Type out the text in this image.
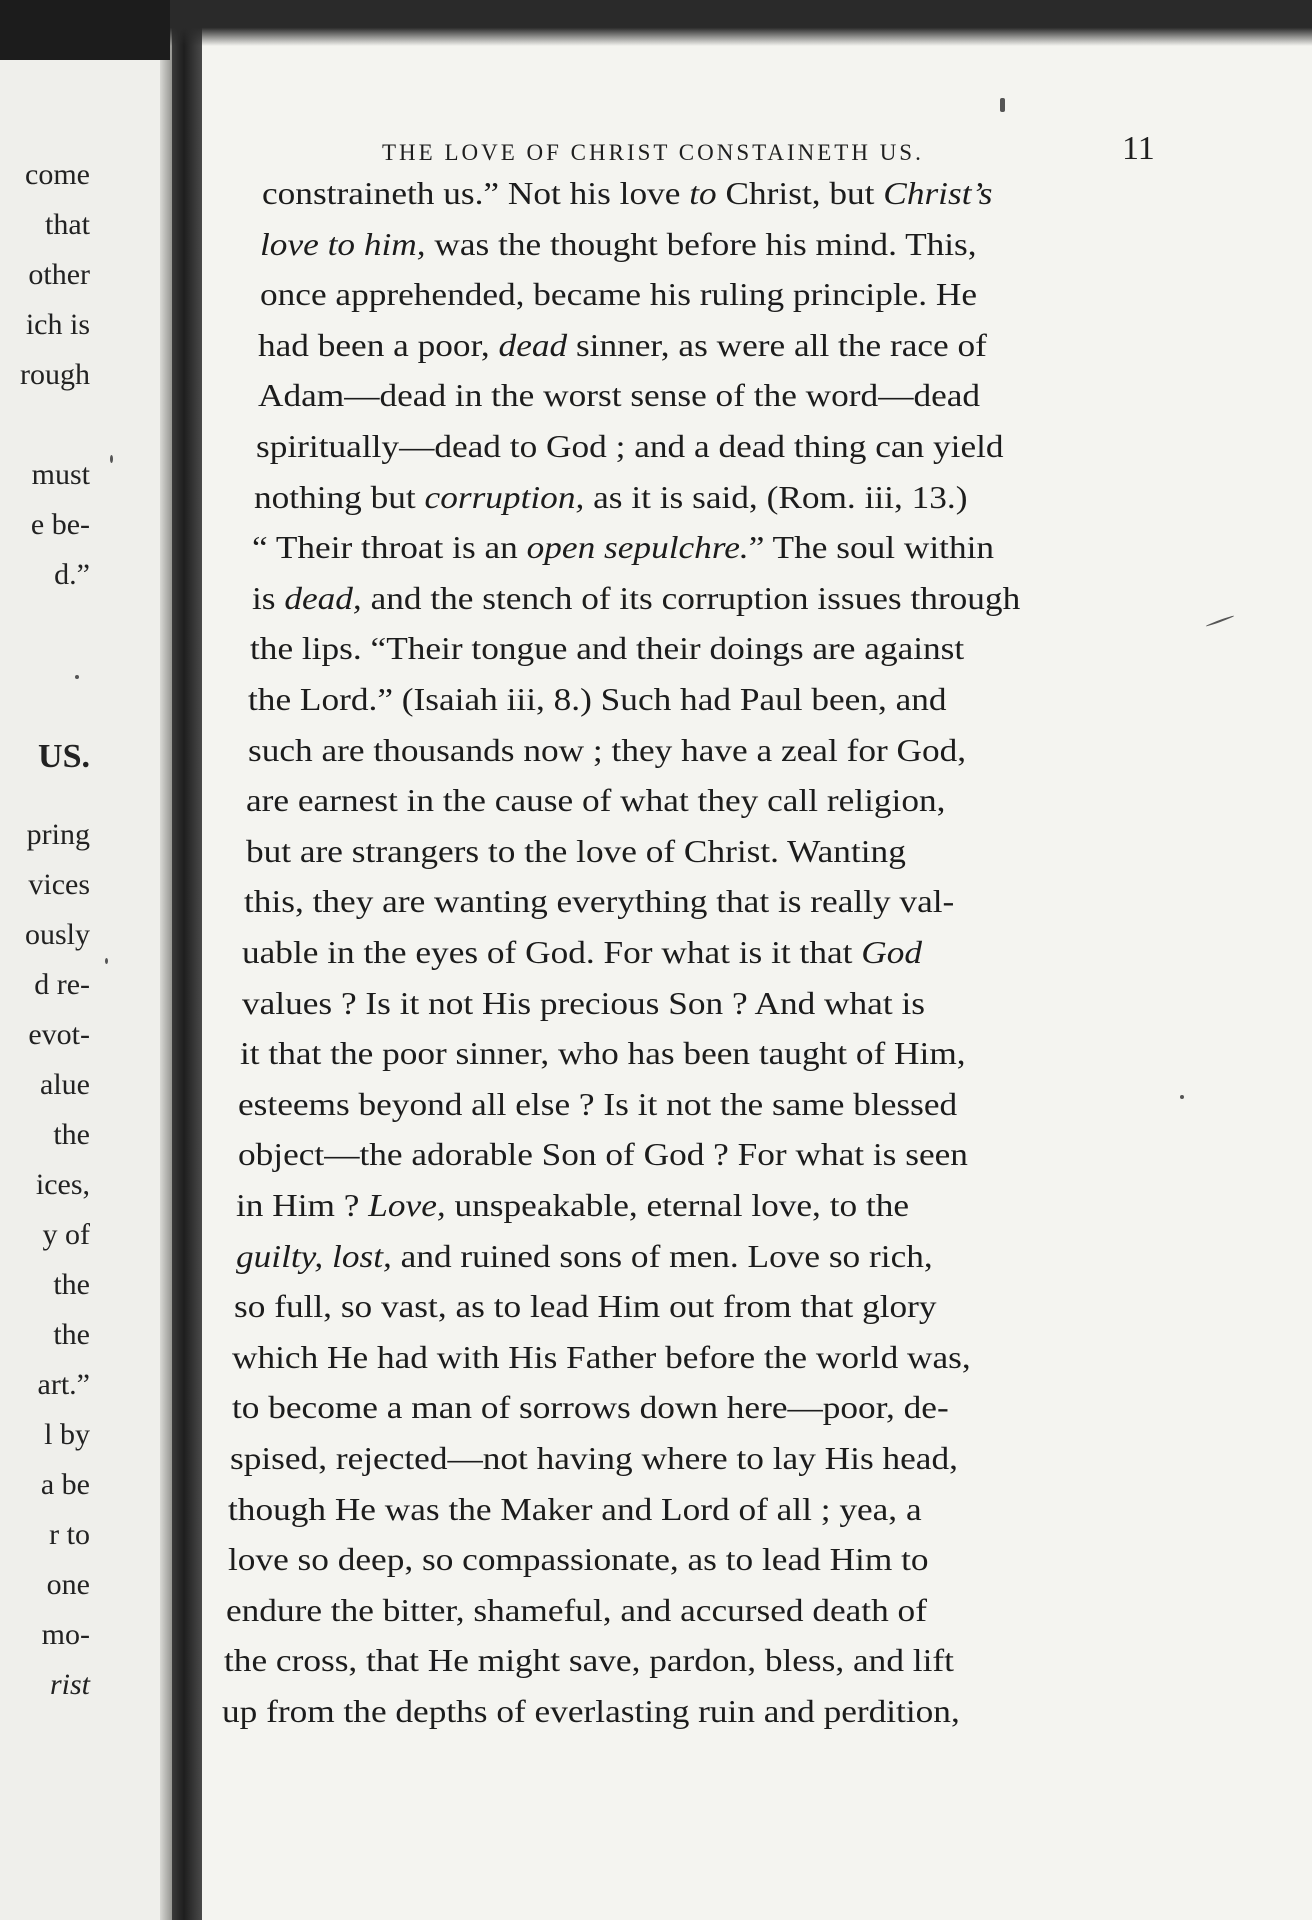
come
that
other
ich is
rough
must
e be-
d.”
US.
pring
vices
ously
d re-
evot-
alue
the
ices,
y of
the
the
art.”
l by
a be
r to
one
mo-
rist
THE LOVE OF CHRIST CONSTAINETH US.	11
constraineth us.” Not his love to Christ, but Christ’s
love to him, was the thought before his mind. This,
once apprehended, became his ruling principle. He
had been a poor, dead sinner, as were all the race of
Adam—dead in the worst sense of the word—dead
spiritually—dead to God ; and a dead thing can yield
nothing but corruption, as it is said, (Rom. iii, 13.)
“ Their throat is an open sepulchre.” The soul within
is dead, and the stench of its corruption issues through
the lips. “Their tongue and their doings are against
the Lord.” (Isaiah iii, 8.) Such had Paul been, and
such are thousands now ; they have a zeal for God,
are earnest in the cause of what they call religion,
but are strangers to the love of Christ. Wanting
this, they are wanting everything that is really val-
uable in the eyes of God. For what is it that God
values ? Is it not His precious Son ? And what is
it that the poor sinner, who has been taught of Him,
esteems beyond all else ? Is it not the same blessed
object—the adorable Son of God ? For what is seen
in Him ? Love, unspeakable, eternal love, to the
guilty, lost, and ruined sons of men. Love so rich,
so full, so vast, as to lead Him out from that glory
which He had with His Father before the world was,
to become a man of sorrows down here—poor, de-
spised, rejected—not having where to lay His head,
though He was the Maker and Lord of all ; yea, a
love so deep, so compassionate, as to lead Him to
endure the bitter, shameful, and accursed death of
the cross, that He might save, pardon, bless, and lift
up from the depths of everlasting ruin and perdition,
